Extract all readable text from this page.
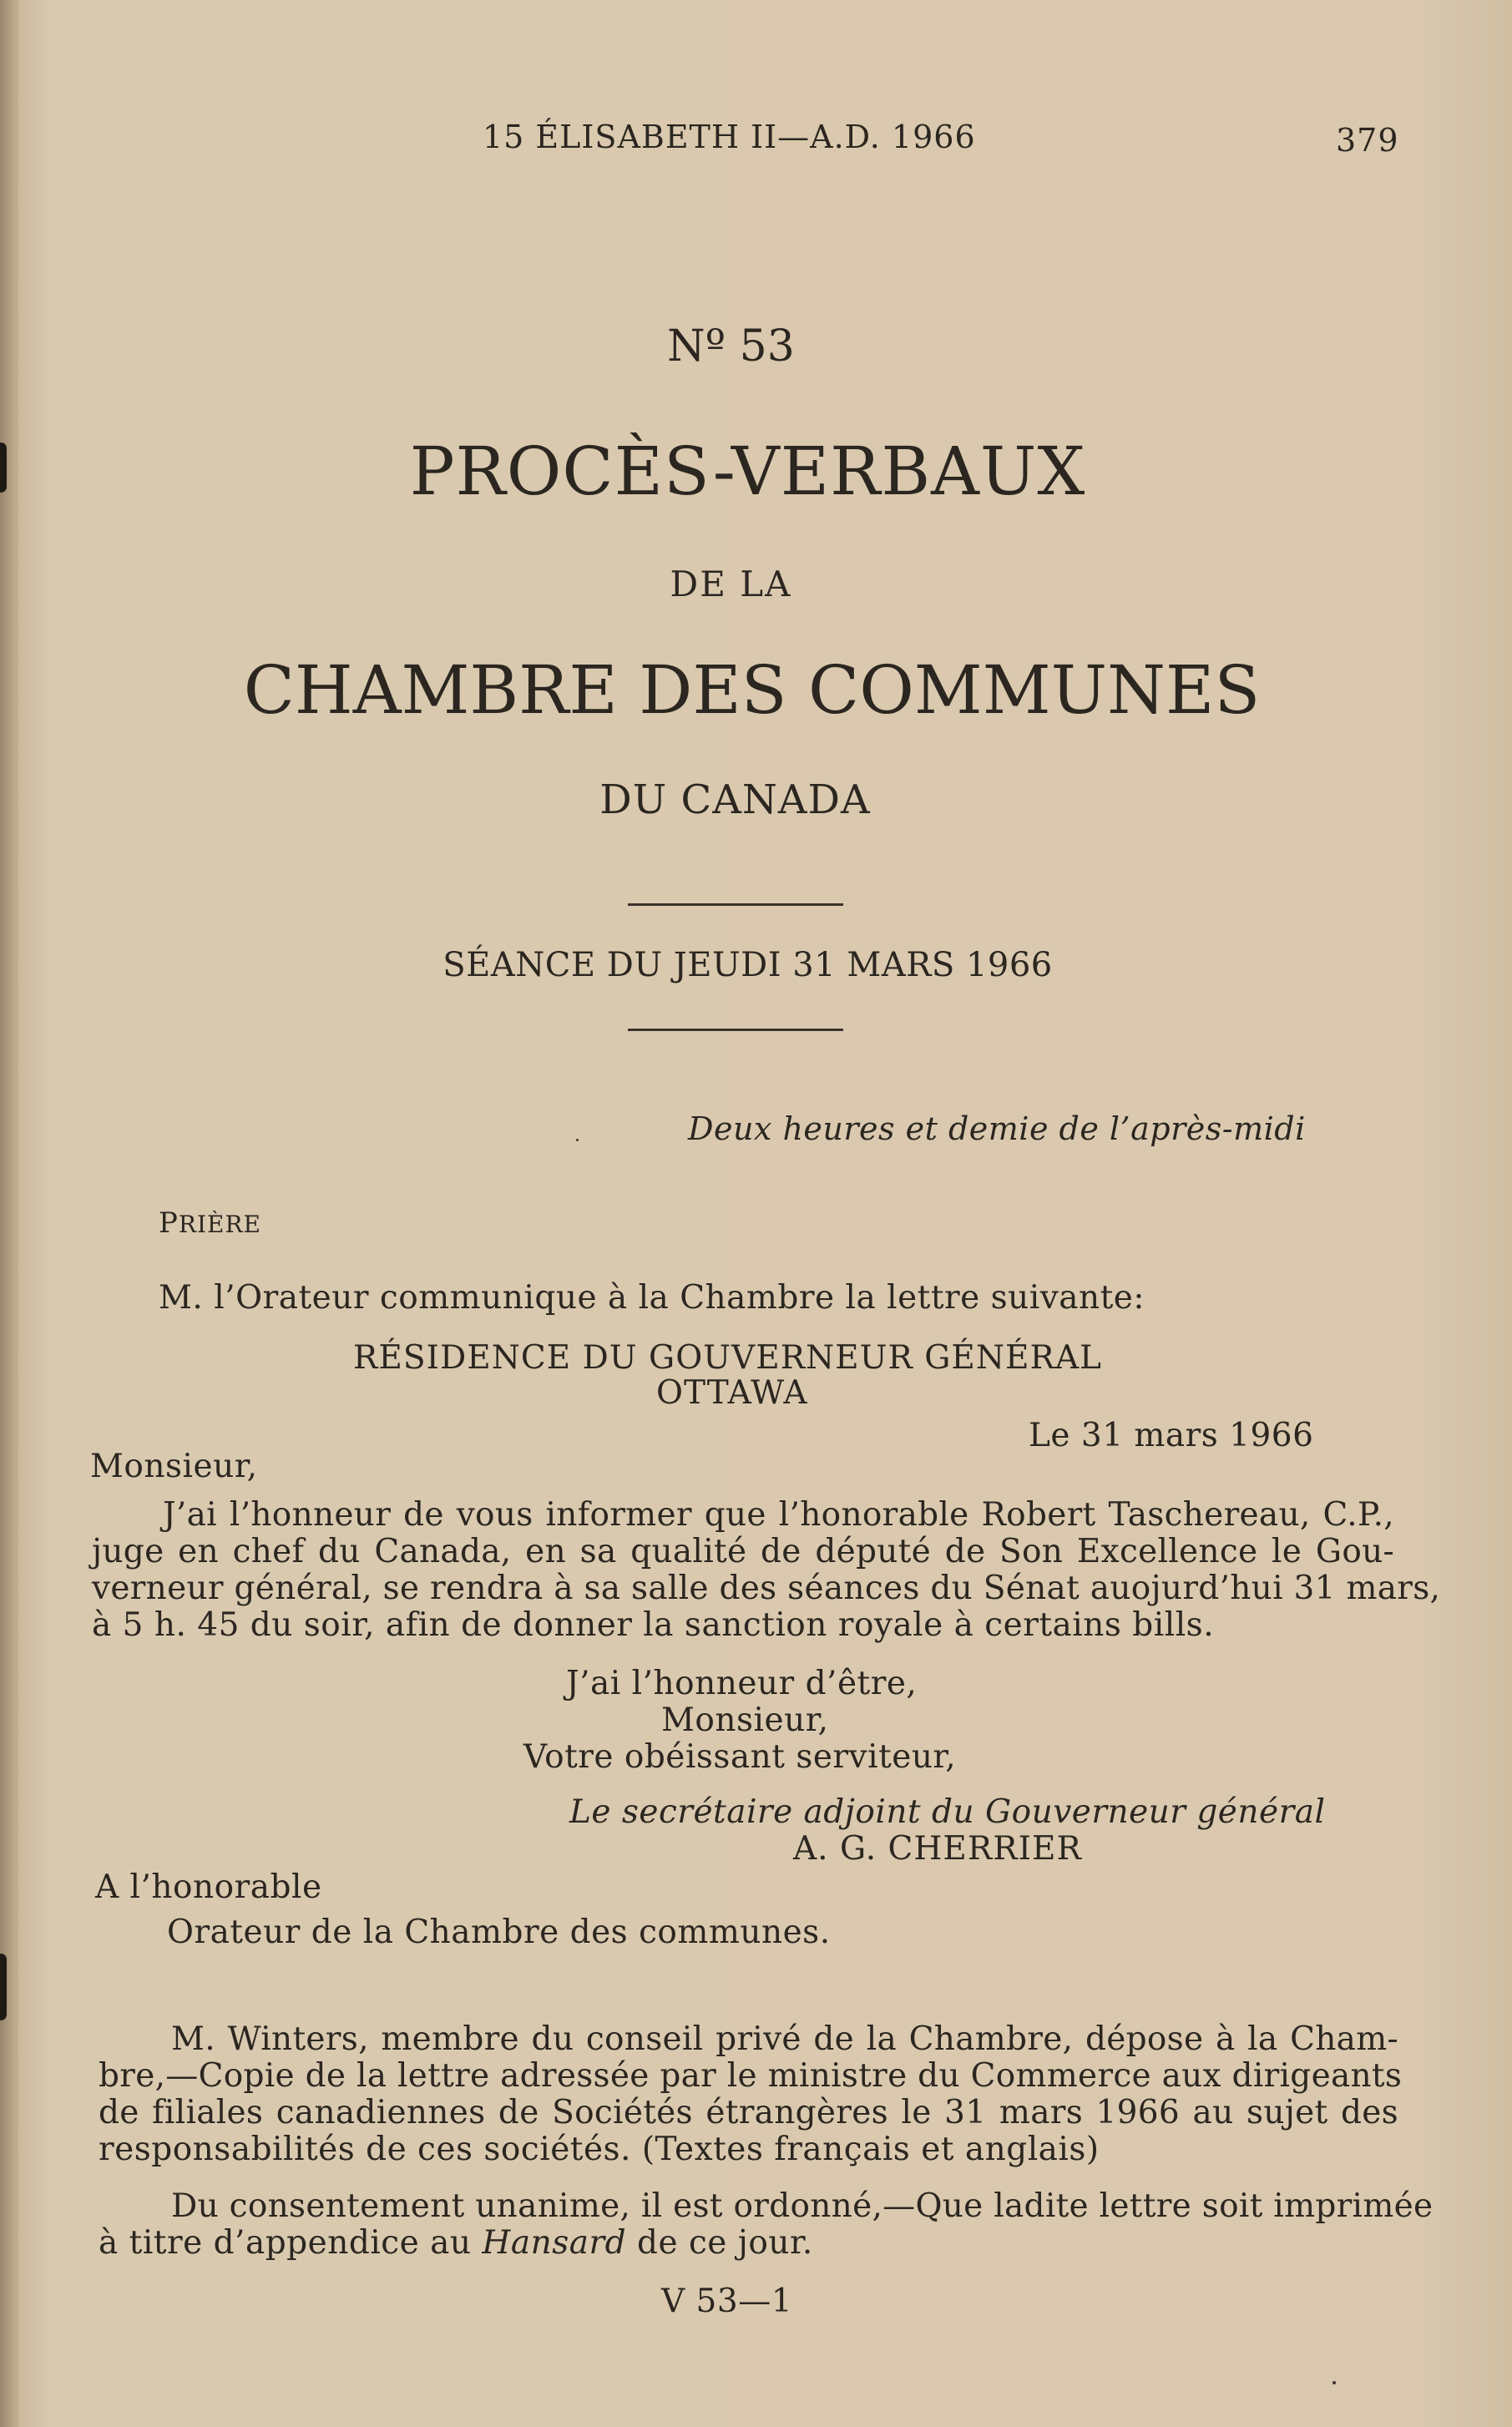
15 ÉLISABETH II—A.D. 1966	379
Nº 53
PROCÈS-VERBAUX
DE LA
CHAMBRE DES COMMUNES
DU CANADA
SÉANCE DU JEUDI 31 MARS 1966
Deux heures et demie de l’après-midi
PRIÈRE
M. l’Orateur communique à la Chambre la lettre suivante:
RÉSIDENCE DU GOUVERNEUR GÉNÉRAL
OTTAWA
Le 31 mars 1966
Monsieur,
J’ai l’honneur de vous informer que l’honorable Robert Taschereau, C.P.,
juge en chef du Canada, en sa qualité de député de Son Excellence le Gou-
verneur général, se rendra à sa salle des séances du Sénat auojurd’hui 31 mars,
à 5 h. 45 du soir, afin de donner la sanction royale à certains bills.
J’ai l’honneur d’être,
Monsieur,
Votre obéissant serviteur,
Le secrétaire adjoint du Gouverneur général
A. G. CHERRIER
A l’honorable
Orateur de la Chambre des communes.
M. Winters, membre du conseil privé de la Chambre, dépose à la Cham-
bre,—Copie de la lettre adressée par le ministre du Commerce aux dirigeants
de filiales canadiennes de Sociétés étrangères le 31 mars 1966 au sujet des
responsabilités de ces sociétés. (Textes français et anglais)
Du consentement unanime, il est ordonné,—Que ladite lettre soit imprimée
à titre d’appendice au Hansard de ce jour.
V 53—1
